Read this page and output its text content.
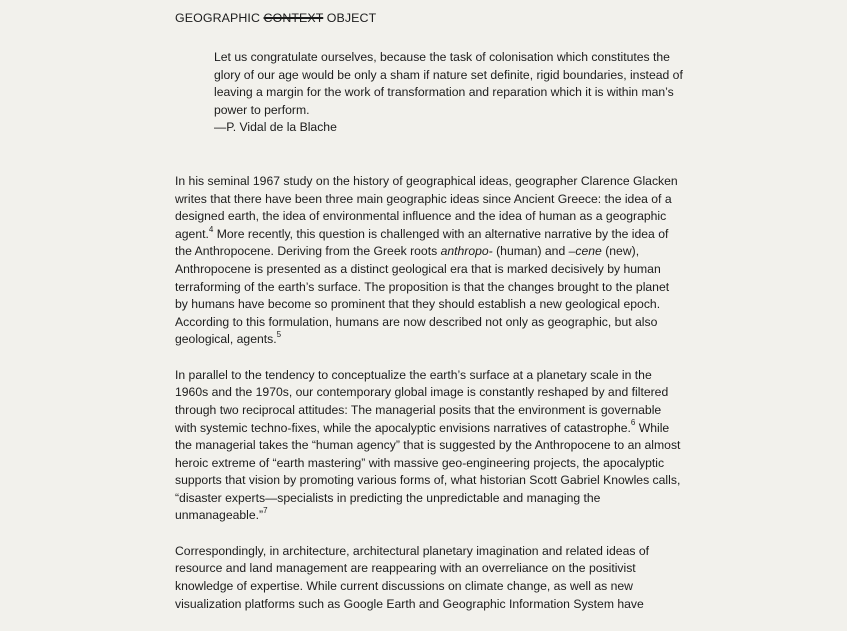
GEOGRAPHIC CONTEXT OBJECT

Let us congratulate ourselves, because the task of colonisation which constitutes the glory of our age would be only a sham if nature set definite, rigid boundaries, instead of leaving a margin for the work of transformation and reparation which it is within man’s power to perform.

—P. Vidal de la Blache

In his seminal 1967 study on the history of geographical ideas, geographer Clarence Glacken writes that there have been three main geographic ideas since Ancient Greece: the idea of a designed earth, the idea of environmental influence and the idea of human as a geographic agent.$^4$ More recently, this question is challenged with an alternative narrative by the idea of the Anthropocene. Deriving from the Greek roots anthropo- (human) and –cene (new), Anthropocene is presented as a distinct geological era that is marked decisively by human terraforming of the earth’s surface. The proposition is that the changes brought to the planet by humans have become so prominent that they should establish a new geological epoch. According to this formulation, humans are now described not only as geographic, but also geological, agents.$^5$

In parallel to the tendency to conceptualize the earth’s surface at a planetary scale in the 1960s and the 1970s, our contemporary global image is constantly reshaped by and filtered through two reciprocal attitudes: The managerial posits that the environment is governable with systemic techno-fixes, while the apocalyptic envisions narratives of catastrophe.$^6$ While the managerial takes the “human agency” that is suggested by the Anthropocene to an almost heroic extreme of “earth mastering” with massive geo-engineering projects, the apocalyptic supports that vision by promoting various forms of, what historian Scott Gabriel Knowles calls, “disaster experts—specialists in predicting the unpredictable and managing the unmanageable.”$^7$

Correspondingly, in architecture, architectural planetary imagination and related ideas of resource and land management are reappearing with an overreliance on the positivist knowledge of expertise. While current discussions on climate change, as well as new visualization platforms such as Google Earth and Geographic Information System have
